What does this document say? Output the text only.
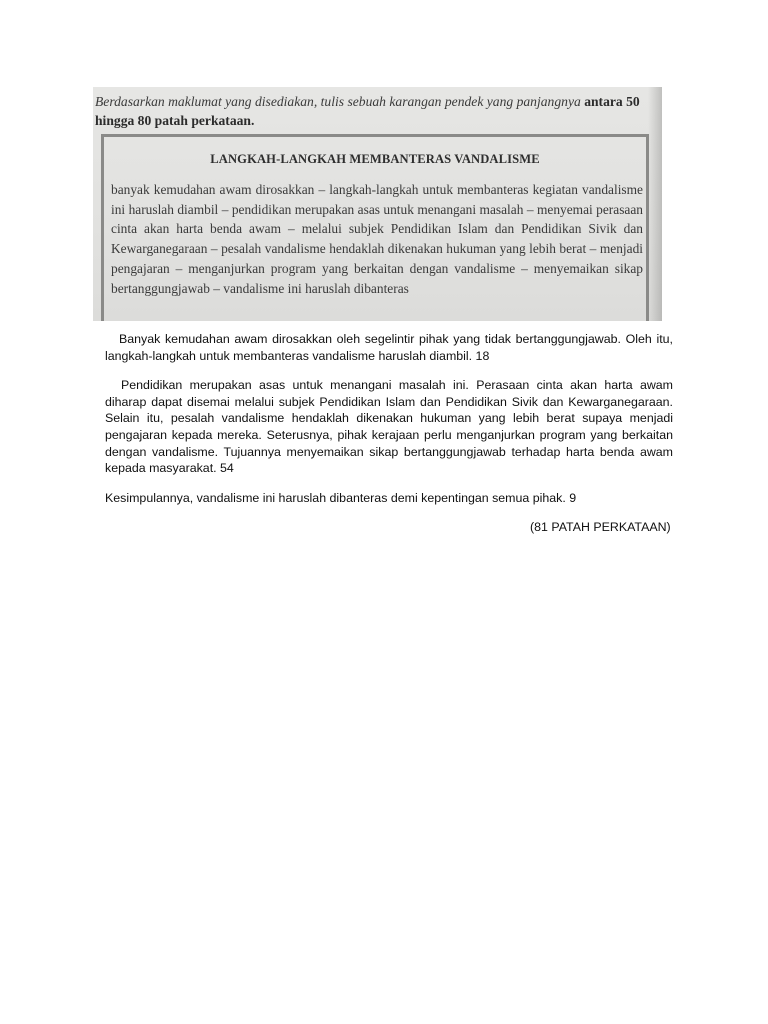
Berdasarkan maklumat yang disediakan, tulis sebuah karangan pendek yang panjangnya antara 50 hingga 80 patah perkataan.

LANGKAH-LANGKAH MEMBANTERAS VANDALISME

banyak kemudahan awam dirosakkan – langkah-langkah untuk membanteras kegiatan vandalisme ini haruslah diambil – pendidikan merupakan asas untuk menangani masalah – menyemai perasaan cinta akan harta benda awam – melalui subjek Pendidikan Islam dan Pendidikan Sivik dan Kewarganegaraan – pesalah vandalisme hendaklah dikenakan hukuman yang lebih berat – menjadi pengajaran – menganjurkan program yang berkaitan dengan vandalisme – menyemaikan sikap bertanggungjawab – vandalisme ini haruslah dibanteras

Banyak kemudahan awam dirosakkan oleh segelintir pihak yang tidak bertanggungjawab. Oleh itu, langkah-langkah untuk membanteras vandalisme haruslah diambil. 18

Pendidikan merupakan asas untuk menangani masalah ini. Perasaan cinta akan harta awam diharap dapat disemai melalui subjek Pendidikan Islam dan Pendidikan Sivik dan Kewarganegaraan. Selain itu, pesalah vandalisme hendaklah dikenakan hukuman yang lebih berat supaya menjadi pengajaran kepada mereka. Seterusnya, pihak kerajaan perlu menganjurkan program yang berkaitan dengan vandalisme. Tujuannya menyemaikan sikap bertanggungjawab terhadap harta benda awam kepada masyarakat. 54

Kesimpulannya, vandalisme ini haruslah dibanteras demi kepentingan semua pihak. 9

(81 PATAH PERKATAAN)
